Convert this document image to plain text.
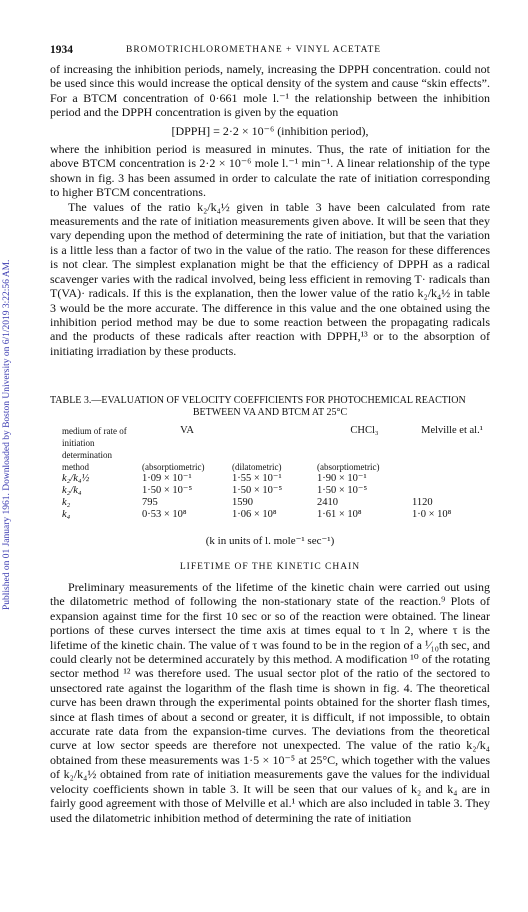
Published on 01 January 1961. Downloaded by Boston University on 6/1/2019 3:22:56 AM.
1934	BROMOTRICHLOROMETHANE + VINYL ACETATE

of increasing the inhibition periods, namely, increasing the DPPH concentration. could not be used since this would increase the optical density of the system and cause “skin effects”. For a BTCM concentration of 0·661 mole l.⁻¹ the relationship between the inhibition period and the DPPH concentration is given by the equation

[DPPH] = 2·2 × 10⁻⁶ (inhibition period),

where the inhibition period is measured in minutes. Thus, the rate of initiation for the above BTCM concentration is 2·2 × 10⁻⁶ mole l.⁻¹ min⁻¹. A linear relationship of the type shown in fig. 3 has been assumed in order to calculate the rate of initiation corresponding to higher BTCM concentrations.

The values of the ratio k₂/k₄½ given in table 3 have been calculated from rate measurements and the rate of initiation measurements given above. It will be seen that they vary depending upon the method of determining the rate of initiation, but that the variation is a little less than a factor of two in the value of the ratio. The reason for these differences is not clear. The simplest explanation might be that the efficiency of DPPH as a radical scavenger varies with the radical involved, being less efficient in removing T· radicals than T(VA)· radicals. If this is the explanation, then the lower value of the ratio k₂/k₄½ in table 3 would be the more accurate. The difference in this value and the one obtained using the inhibition period method may be due to some reaction between the propagating radicals and the products of these radicals after reaction with DPPH,¹³ or to the absorption of initiating irradiation by these products.

TABLE 3.—EVALUATION OF VELOCITY COEFFICIENTS FOR PHOTOCHEMICAL REACTION
BETWEEN VA AND BTCM AT 25°C
medium of rate of initiation determination	VA		CHCl₃	Melville et al.¹
method	(absorptiometric)	(dilatometric)	(absorptiometric)	
k₂/k₄½	1·09 × 10⁻¹	1·55 × 10⁻¹	1·90 × 10⁻¹	
k₂/k₄	1·50 × 10⁻⁵	1·50 × 10⁻⁵	1·50 × 10⁻⁵	
k₂	795	1590	2410	1120
k₄	0·53 × 10⁸	1·06 × 10⁸	1·61 × 10⁸	1·0 × 10⁸
(k in units of l. mole⁻¹ sec⁻¹)
LIFETIME OF THE KINETIC CHAIN

Preliminary measurements of the lifetime of the kinetic chain were carried out using the dilatometric method of following the non-stationary state of the reaction.⁹ Plots of expansion against time for the first 10 sec or so of the reaction were obtained. The linear portions of these curves intersect the time axis at times equal to τ ln 2, where τ is the lifetime of the kinetic chain. The value of τ was found to be in the region of a ¹⁄₁₀th sec, and could clearly not be determined accurately by this method. A modification ¹⁰ of the rotating sector method ¹² was therefore used. The usual sector plot of the ratio of the sectored to unsectored rate against the logarithm of the flash time is shown in fig. 4. The theoretical curve has been drawn through the experimental points obtained for the shorter flash times, since at flash times of about a second or greater, it is difficult, if not impossible, to obtain accurate rate data from the expansion-time curves. The deviations from the theoretical curve at low sector speeds are therefore not unexpected. The value of the ratio k₂/k₄ obtained from these measurements was 1·5 × 10⁻⁵ at 25°C, which together with the values of k₂/k₄½ obtained from rate of initiation measurements gave the values for the individual velocity coefficients shown in table 3. It will be seen that our values of k₂ and k₄ are in fairly good agreement with those of Melville et al.¹ which are also included in table 3. They used the dilatometric inhibition method of determining the rate of initiation
